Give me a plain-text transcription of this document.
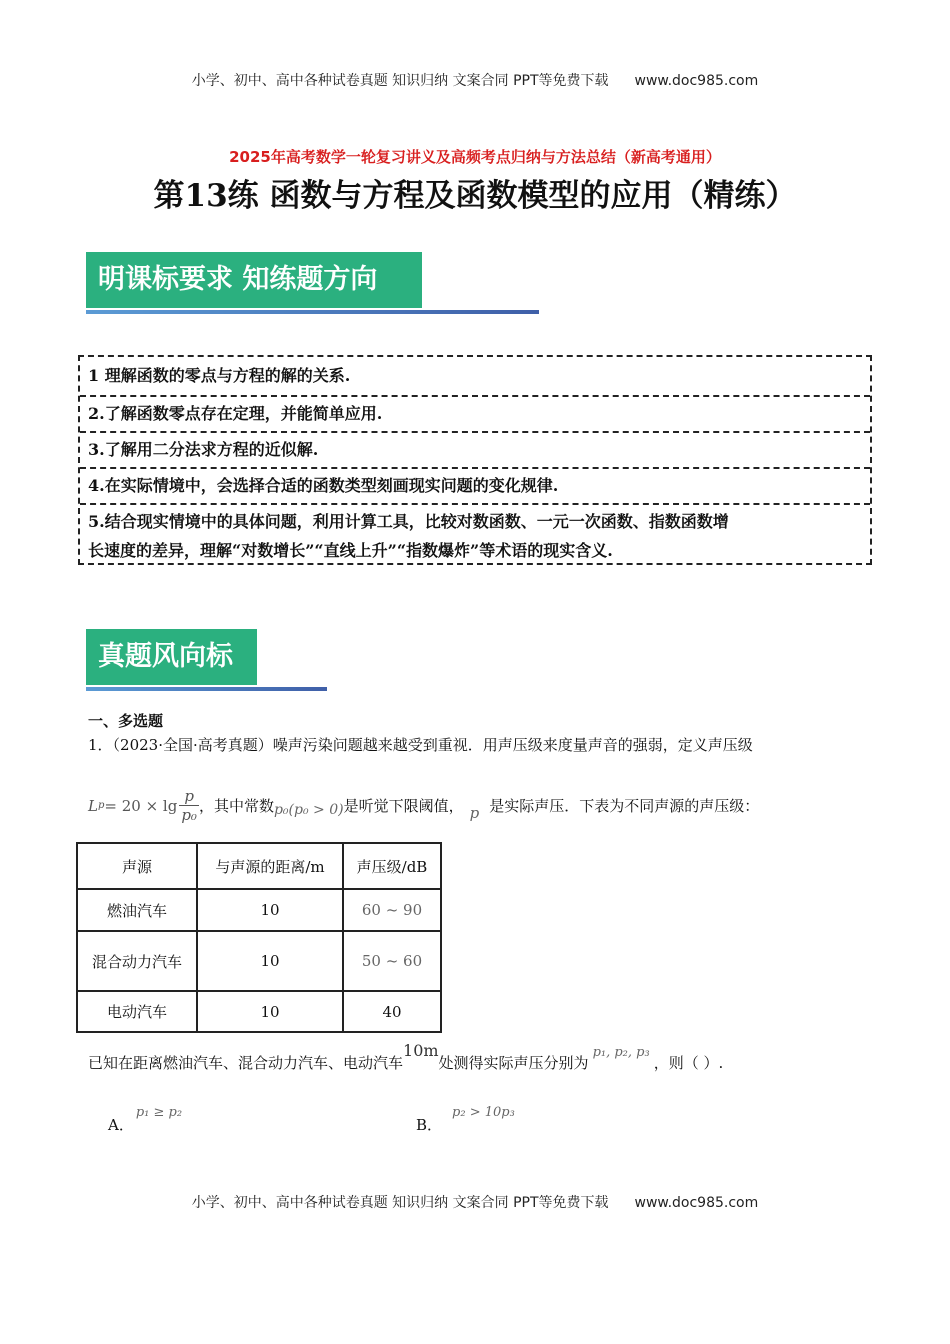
小学、初中、高中各种试卷真题 知识归纳 文案合同 PPT等免费下载 www.doc985.com
2025年高考数学一轮复习讲义及高频考点归纳与方法总结（新高考通用）
第13练 函数与方程及函数模型的应用（精练）
明课标要求 知练题方向
1 理解函数的零点与方程的解的关系.
2.了解函数零点存在定理，并能简单应用.
3.了解用二分法求方程的近似解.
4.在实际情境中，会选择合适的函数类型刻画现实问题的变化规律.
5.结合现实情境中的具体问题，利用计算工具，比较对数函数、一元一次函数、指数函数增
长速度的差异，理解“对数增长”“直线上升”“指数爆炸”等术语的现实含义.
真题风向标
一、多选题
1．（2023·全国·高考真题）噪声污染问题越来越受到重视．用声压级来度量声音的强弱，定义声压级
L p = 20 × lg
p
p₀ ，其中常数 p₀(p₀ > 0) 是听觉下限阈值， p 是实际声压．下表为不同声源的声压级：
声源	与声源的距离/m	声压级/dB
燃油汽车	10	60 ~ 90
混合动力汽车	10	50 ~ 60
电动汽车	10	40
已知在距离燃油汽车、混合动力汽车、电动汽车10m处测得实际声压分别为p₁, p₂, p₃，则（ ）.
A．p₁ ≥ p₂
B．p₂ > 10p₃
小学、初中、高中各种试卷真题 知识归纳 文案合同 PPT等免费下载 www.doc985.com
